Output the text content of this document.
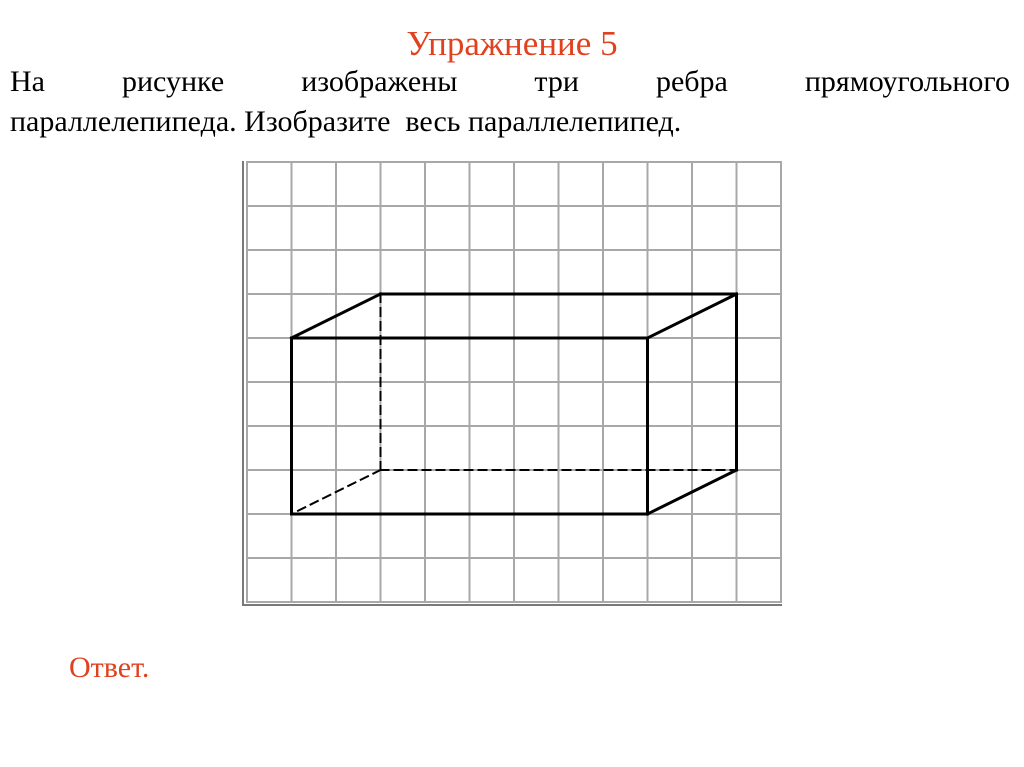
Упражнение 5
На	рисунке	изображены	три	ребра	прямоугольного
параллелепипеда. Изобразите  весь параллелепипед.
Ответ.
